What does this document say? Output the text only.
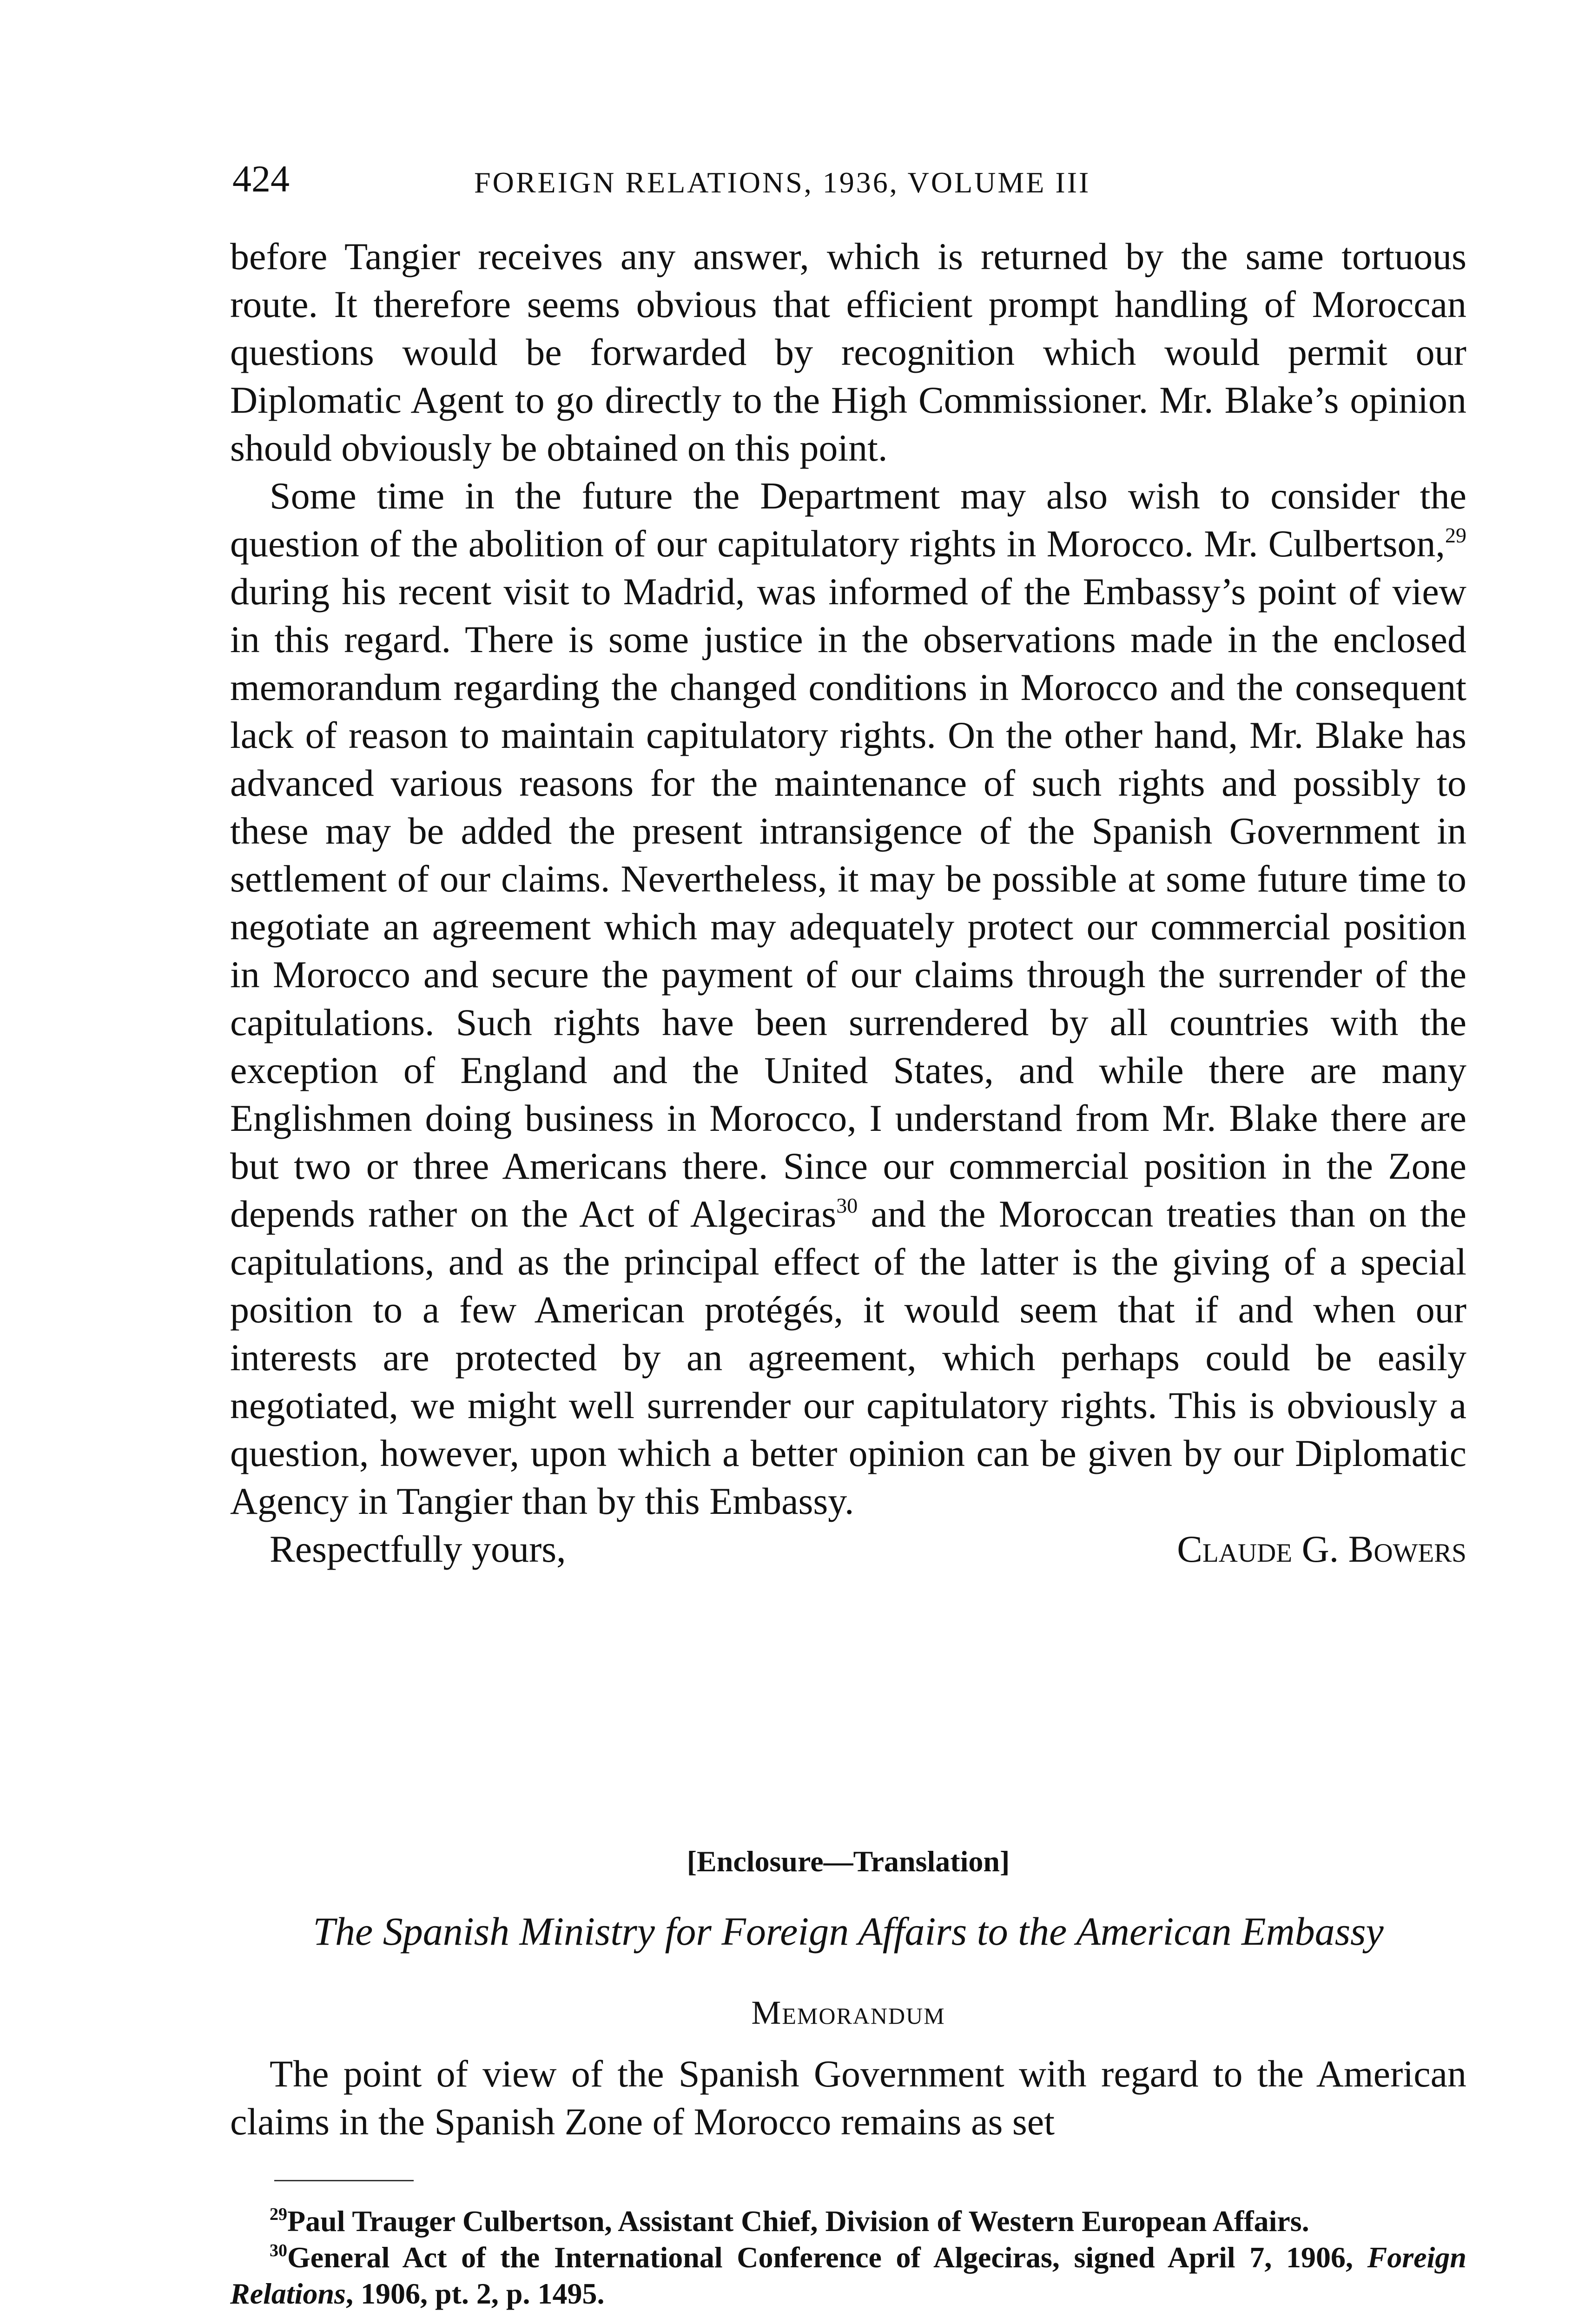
424	FOREIGN RELATIONS, 1936, VOLUME III

before Tangier receives any answer, which is returned by the same tortuous route. It therefore seems obvious that efficient prompt handling of Moroccan questions would be forwarded by recognition which would permit our Diplomatic Agent to go directly to the High Commissioner. Mr. Blake’s opinion should obviously be obtained on this point.

Some time in the future the Department may also wish to consider the question of the abolition of our capitulatory rights in Morocco. Mr. Culbertson,$^{29}$ during his recent visit to Madrid, was informed of the Embassy’s point of view in this regard. There is some justice in the observations made in the enclosed memorandum regarding the changed conditions in Morocco and the consequent lack of reason to maintain capitulatory rights. On the other hand, Mr. Blake has advanced various reasons for the maintenance of such rights and possibly to these may be added the present intransigence of the Spanish Government in settlement of our claims. Nevertheless, it may be possible at some future time to negotiate an agreement which may adequately protect our commercial position in Morocco and secure the payment of our claims through the surrender of the capitulations. Such rights have been surrendered by all countries with the exception of England and the United States, and while there are many Englishmen doing business in Morocco, I understand from Mr. Blake there are but two or three Americans there. Since our commercial position in the Zone depends rather on the Act of Algeciras$^{30}$ and the Moroccan treaties than on the capitulations, and as the principal effect of the latter is the giving of a special position to a few American protégés, it would seem that if and when our interests are protected by an agreement, which perhaps could be easily negotiated, we might well surrender our capitulatory rights. This is obviously a question, however, upon which a better opinion can be given by our Diplomatic Agency in Tangier than by this Embassy.

Respectfully yours,	Claude G. Bowers
[Enclosure—Translation]
The Spanish Ministry for Foreign Affairs to the American Embassy
Memorandum

The point of view of the Spanish Government with regard to the American claims in the Spanish Zone of Morocco remains as set

$^{29}$Paul Trauger Culbertson, Assistant Chief, Division of Western European Affairs.

$^{30}$General Act of the International Conference of Algeciras, signed April 7, 1906, Foreign Relations, 1906, pt. 2, p. 1495.
